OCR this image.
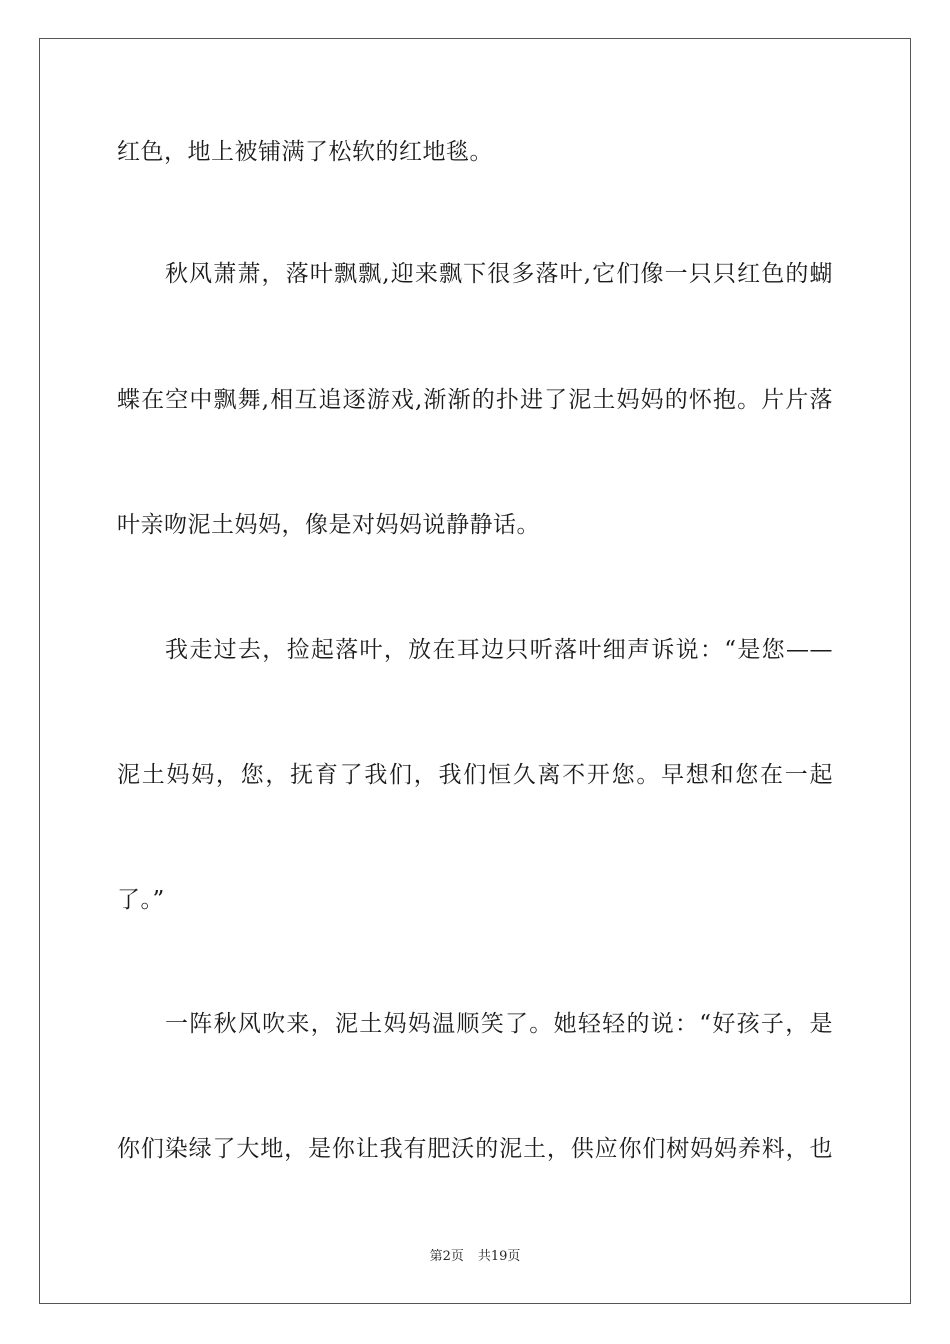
红色，地上被铺满了松软的红地毯。
秋风萧萧，落叶飘飘,迎来飘下很多落叶,它们像一只只红色的蝴
蝶在空中飘舞,相互追逐游戏,渐渐的扑进了泥土妈妈的怀抱。片片落
叶亲吻泥土妈妈，像是对妈妈说静静话。
我走过去，捡起落叶，放在耳边只听落叶细声诉说：“是您——
泥土妈妈，您，抚育了我们，我们恒久离不开您。早想和您在一起
了。”
一阵秋风吹来，泥土妈妈温顺笑了。她轻轻的说：“好孩子，是
你们染绿了大地，是你让我有肥沃的泥土，供应你们树妈妈养料，也
第2页 共19页
